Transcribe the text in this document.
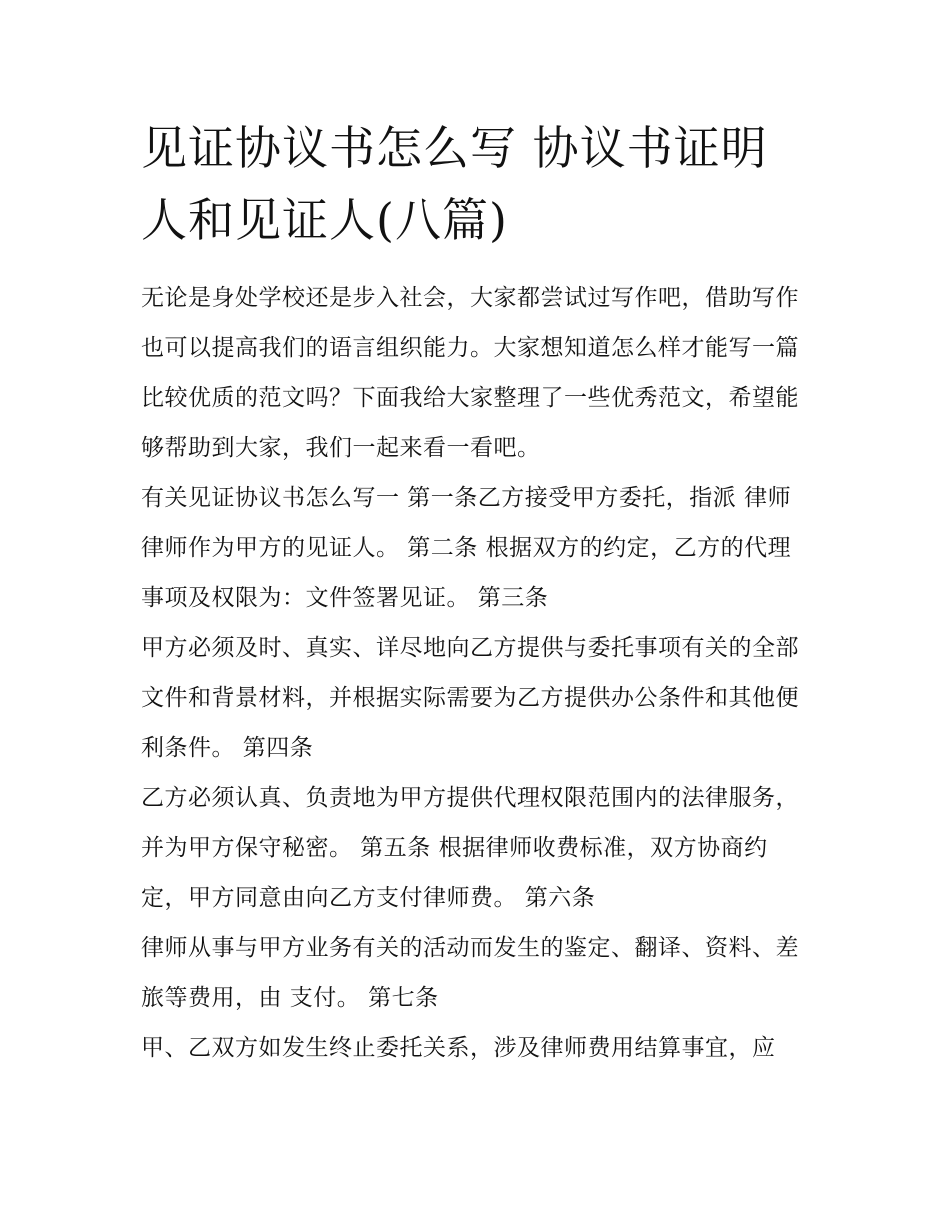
见证协议书怎么写 协议书证明人和见证人(八篇)

无论是身处学校还是步入社会，大家都尝试过写作吧，借助写作也可以提高我们的语言组织能力。大家想知道怎么样才能写一篇比较优质的范文吗？下面我给大家整理了一些优秀范文，希望能够帮助到大家，我们一起来看一看吧。

有关见证协议书怎么写一 第一条乙方接受甲方委托，指派 律师 律师作为甲方的见证人。 第二条 根据双方的约定，乙方的代理事项及权限为：文件签署见证。 第三条

甲方必须及时、真实、详尽地向乙方提供与委托事项有关的全部文件和背景材料，并根据实际需要为乙方提供办公条件和其他便利条件。 第四条

乙方必须认真、负责地为甲方提供代理权限范围内的法律服务，并为甲方保守秘密。 第五条 根据律师收费标准，双方协商约定，甲方同意由向乙方支付律师费。 第六条

律师从事与甲方业务有关的活动而发生的鉴定、翻译、资料、差旅等费用，由 支付。 第七条

甲、乙双方如发生终止委托关系，涉及律师费用结算事宜，应
